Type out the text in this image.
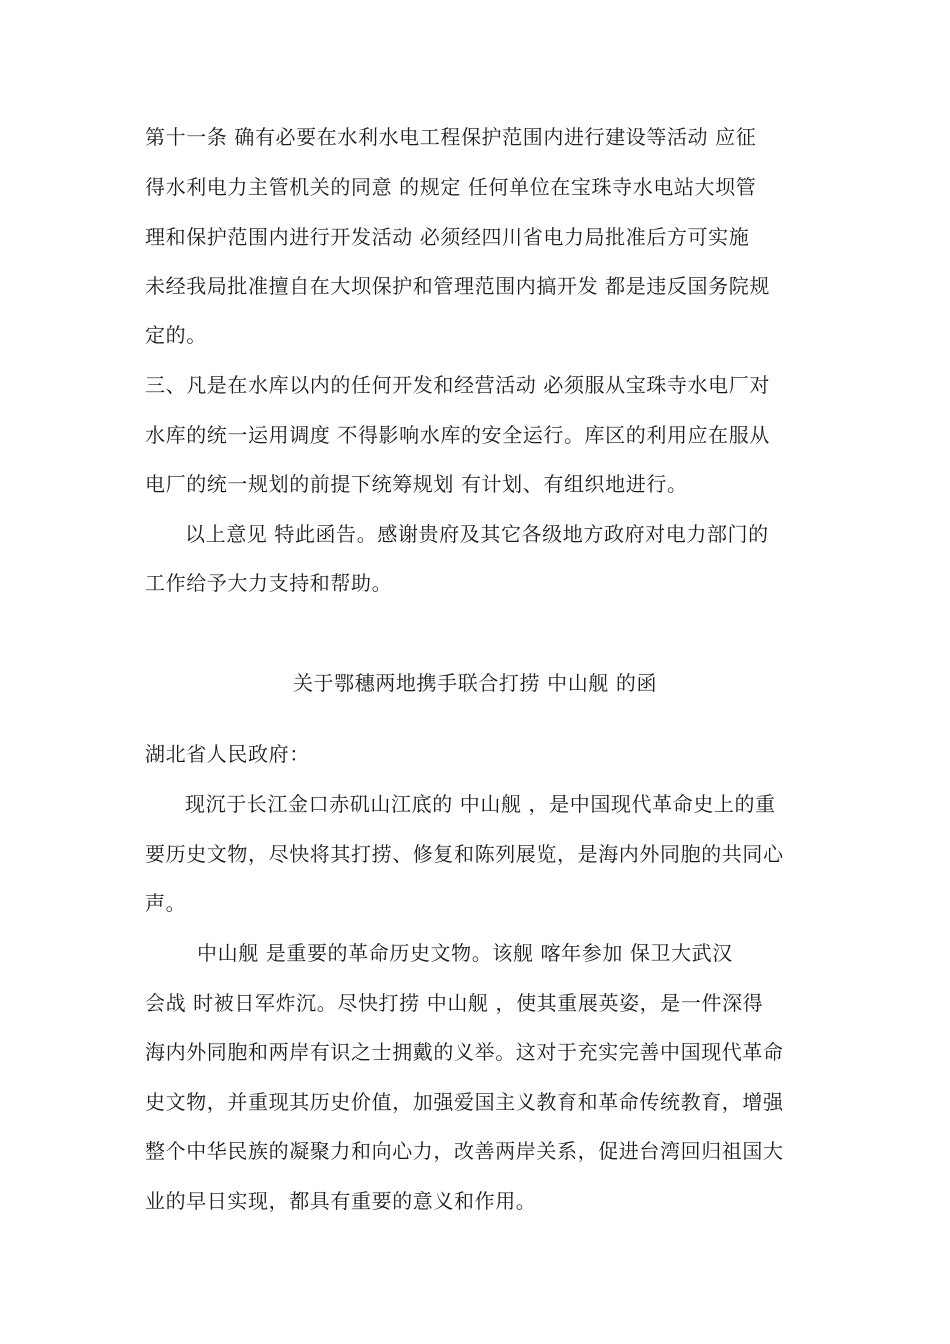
第十一条 确有必要在水利水电工程保护范围内进行建设等活动 应征
得水利电力主管机关的同意 的规定 任何单位在宝珠寺水电站大坝管
理和保护范围内进行开发活动 必须经四川省电力局批准后方可实施
未经我局批准擅自在大坝保护和管理范围内搞开发 都是违反国务院规
定的。
三、凡是在水库以内的任何开发和经营活动 必须服从宝珠寺水电厂对
水库的统一运用调度 不得影响水库的安全运行。库区的利用应在服从
电厂的统一规划的前提下统筹规划 有计划、有组织地进行。
以上意见 特此函告。感谢贵府及其它各级地方政府对电力部门的
工作给予大力支持和帮助。
关于鄂穗两地携手联合打捞 中山舰 的函
湖北省人民政府：
现沉于长江金口赤矶山江底的 中山舰 ，是中国现代革命史上的重
要历史文物，尽快将其打捞、修复和陈列展览，是海内外同胞的共同心
声。
中山舰 是重要的革命历史文物。该舰 喀年参加 保卫大武汉
会战 时被日军炸沉。尽快打捞 中山舰 ，使其重展英姿，是一件深得
海内外同胞和两岸有识之士拥戴的义举。这对于充实完善中国现代革命
史文物，并重现其历史价值，加强爱国主义教育和革命传统教育，增强
整个中华民族的凝聚力和向心力，改善两岸关系，促进台湾回归祖国大
业的早日实现，都具有重要的意义和作用。
